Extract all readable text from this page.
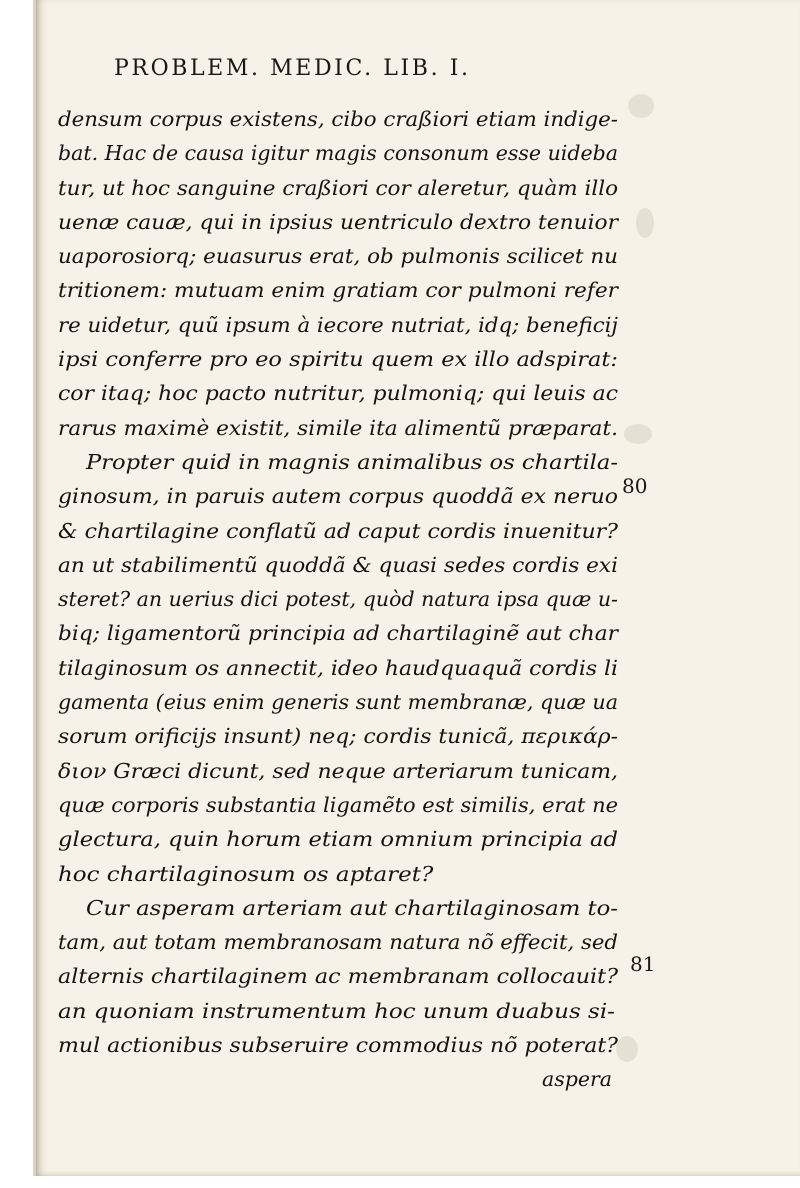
PROBLEM. MEDIC. LIB. I.
densum corpus existens, cibo craßiori etiam indige-
bat. Hac de causa igitur magis consonum esse uideba
tur, ut hoc sanguine craßiori cor aleretur, quàm illo
uenæ cauæ, qui in ipsius uentriculo dextro tenuior
uaporosiorq; euasurus erat, ob pulmonis scilicet nu
tritionem: mutuam enim gratiam cor pulmoni refer
re uidetur, quũ ipsum à iecore nutriat, idq; beneficij
ipsi conferre pro eo spiritu quem ex illo adspirat:
cor itaq; hoc pacto nutritur, pulmoniq; qui leuis ac
rarus maximè existit, simile ita alimentũ præparat.
Propter quid in magnis animalibus os chartila-
ginosum, in paruis autem corpus quoddã ex neruo
& chartilagine conflatũ ad caput cordis inuenitur?
an ut stabilimentũ quoddã & quasi sedes cordis exi
steret? an uerius dici potest, quòd natura ipsa quæ u-
biq; ligamentorũ principia ad chartilaginẽ aut char
tilaginosum os annectit, ideo haudquaquã cordis li
gamenta (eius enim generis sunt membranæ, quæ ua
sorum orificijs insunt) neq; cordis tunicã, περικάρ-
διον Græci dicunt, sed neque arteriarum tunicam,
quæ corporis substantia ligamẽto est similis, erat ne
glectura, quin horum etiam omnium principia ad
hoc chartilaginosum os aptaret?
Cur asperam arteriam aut chartilaginosam to-
tam, aut totam membranosam natura nõ effecit, sed
alternis chartilaginem ac membranam collocauit?
an quoniam instrumentum hoc unum duabus si-
mul actionibus subseruire commodius nõ poterat?
aspera
80
81
